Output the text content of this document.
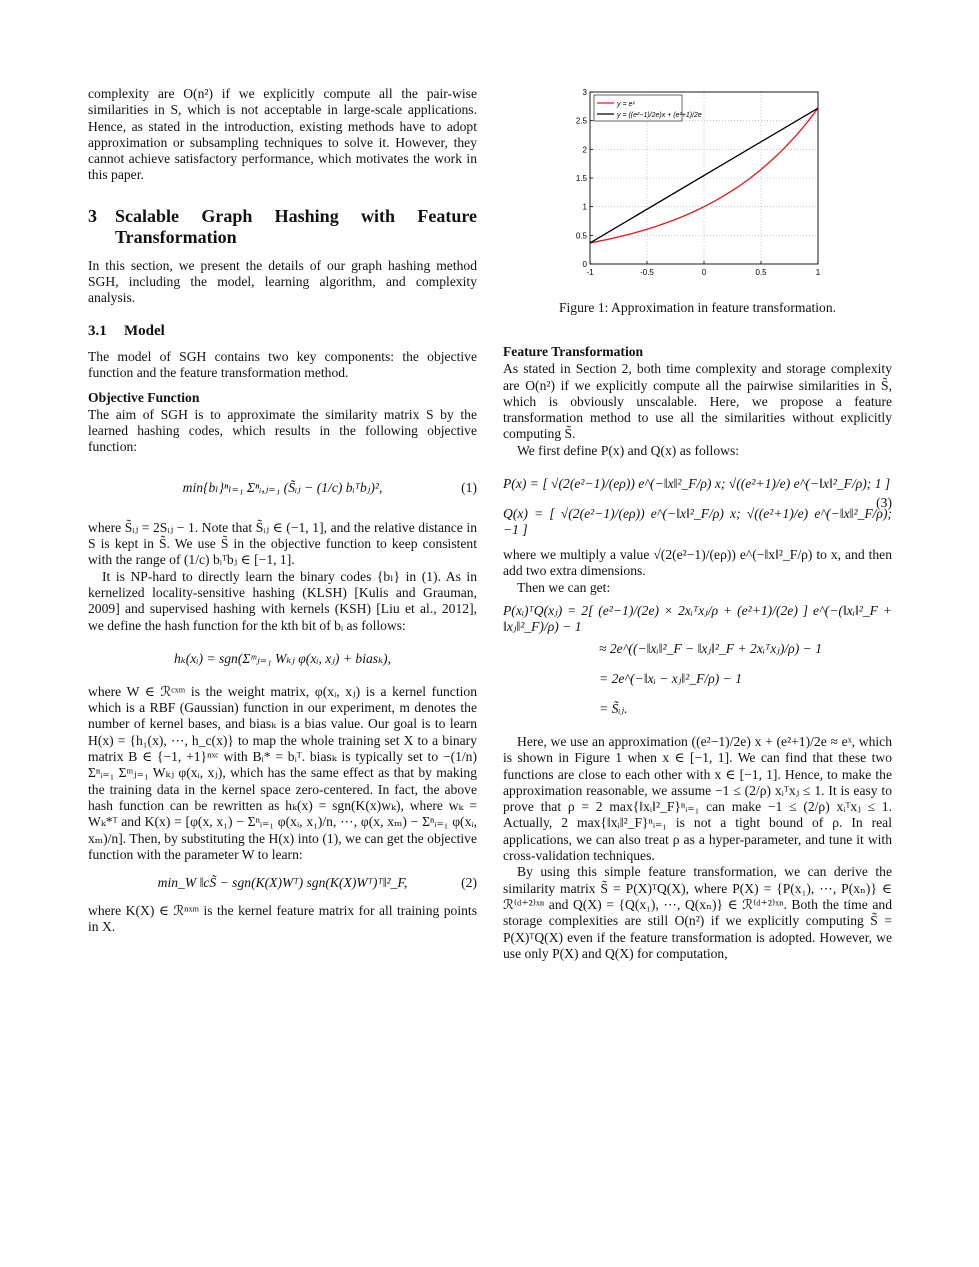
complexity are O(n²) if we explicitly compute all the pair-wise similarities in S, which is not acceptable in large-scale applications. Hence, as stated in the introduction, existing methods have to adopt approximation or subsampling techniques to solve it. However, they cannot achieve satisfactory performance, which motivates the work in this paper.

3	Scalable Graph Hashing with Feature Transformation

In this section, we present the details of our graph hashing method SGH, including the model, learning algorithm, and complexity analysis.

3.1	Model

The model of SGH contains two key components: the objective function and the feature transformation method.

Objective Function

The aim of SGH is to approximate the similarity matrix S by the learned hashing codes, which results in the following objective function:

min{bₗ}ⁿₗ₌₁ Σⁿᵢ,ⱼ₌₁ (S̃ᵢⱼ − (1/c) bᵢᵀbⱼ)²,	(1)

where S̃ᵢⱼ = 2Sᵢⱼ − 1. Note that S̃ᵢⱼ ∈ (−1, 1], and the relative distance in S is kept in S̃. We use S̃ in the objective function to keep consistent with the range of (1/c) bᵢᵀbⱼ ∈ [−1, 1].

It is NP-hard to directly learn the binary codes {bₗ} in (1). As in kernelized locality-sensitive hashing (KLSH) [Kulis and Grauman, 2009] and supervised hashing with kernels (KSH) [Liu et al., 2012], we define the hash function for the kth bit of bᵢ as follows:

hₖ(xᵢ) = sgn(Σᵐⱼ₌₁ Wₖⱼ φ(xᵢ, xⱼ) + biasₖ),

where W ∈ ℛᶜˣᵐ is the weight matrix, φ(xᵢ, xⱼ) is a kernel function which is a RBF (Gaussian) function in our experiment, m denotes the number of kernel bases, and biasₖ is a bias value. Our goal is to learn H(x) = {h₁(x), ⋯, h_c(x)} to map the whole training set X to a binary matrix B ∈ {−1, +1}ⁿˣᶜ with Bᵢ* = bᵢᵀ. biasₖ is typically set to −(1/n) Σⁿᵢ₌₁ Σᵐⱼ₌₁ Wₖⱼ φ(xᵢ, xⱼ), which has the same effect as that by making the training data in the kernel space zero-centered. In fact, the above hash function can be rewritten as hₖ(x) = sgn(K(x)wₖ), where wₖ = Wₖ*ᵀ and K(x) = [φ(x, x₁) − Σⁿᵢ₌₁ φ(xᵢ, x₁)/n, ⋯, φ(x, xₘ) − Σⁿᵢ₌₁ φ(xᵢ, xₘ)/n]. Then, by substituting the H(x) into (1), we can get the objective function with the parameter W to learn:

min_W ‖cS̃ − sgn(K(X)Wᵀ) sgn(K(X)Wᵀ)ᵀ‖²_F,	(2)

where K(X) ∈ ℛⁿˣᵐ is the kernel feature matrix for all training points in X.

-1	-0.5	0	0.5	1
0
0.5
1
1.5
2
2.5
3
y = eˣ
y = ((e²−1)/2e)x + (e²+1)/2e
Figure 1: Approximation in feature transformation.
Feature Transformation

As stated in Section 2, both time complexity and storage complexity are O(n²) if we explicitly compute all the pairwise similarities in S̃, which is obviously unscalable. Here, we propose a feature transformation method to use all the similarities without explicitly computing S̃.

We first define P(x) and Q(x) as follows:

P(x) = [ √(2(e²−1)/(eρ)) e^(−‖x‖²_F/ρ) x; √((e²+1)/e) e^(−‖x‖²_F/ρ); 1 ]
Q(x) = [ √(2(e²−1)/(eρ)) e^(−‖x‖²_F/ρ) x; √((e²+1)/e) e^(−‖x‖²_F/ρ); −1 ]
(3)

where we multiply a value √(2(e²−1)/(eρ)) e^(−‖x‖²_F/ρ) to x, and then add two extra dimensions.

Then we can get:

P(xᵢ)ᵀQ(xⱼ) = 2[ (e²−1)/(2e) × 2xᵢᵀxⱼ/ρ + (e²+1)/(2e) ] e^(−(‖xᵢ‖²_F + ‖xⱼ‖²_F)/ρ) − 1
≈ 2e^((−‖xᵢ‖²_F − ‖xⱼ‖²_F + 2xᵢᵀxⱼ)/ρ) − 1
= 2e^(−‖xᵢ − xⱼ‖²_F/ρ) − 1
= S̃ᵢⱼ.

Here, we use an approximation ((e²−1)/2e) x + (e²+1)/2e ≈ eˣ, which is shown in Figure 1 when x ∈ [−1, 1]. We can find that these two functions are close to each other with x ∈ [−1, 1]. Hence, to make the approximation reasonable, we assume −1 ≤ (2/ρ) xᵢᵀxⱼ ≤ 1. It is easy to prove that ρ = 2 max{‖xᵢ‖²_F}ⁿᵢ₌₁ can make −1 ≤ (2/ρ) xᵢᵀxⱼ ≤ 1. Actually, 2 max{‖xᵢ‖²_F}ⁿᵢ₌₁ is not a tight bound of ρ. In real applications, we can also treat ρ as a hyper-parameter, and tune it with cross-validation techniques.

By using this simple feature transformation, we can derive the similarity matrix S̃ = P(X)ᵀQ(X), where P(X) = {P(x₁), ⋯, P(xₙ)} ∈ ℛ⁽ᵈ⁺²⁾ˣⁿ and Q(X) = {Q(x₁), ⋯, Q(xₙ)} ∈ ℛ⁽ᵈ⁺²⁾ˣⁿ. Both the time and storage complexities are still O(n²) if we explicitly computing S̃ = P(X)ᵀQ(X) even if the feature transformation is adopted. However, we use only P(X) and Q(X) for computation,
